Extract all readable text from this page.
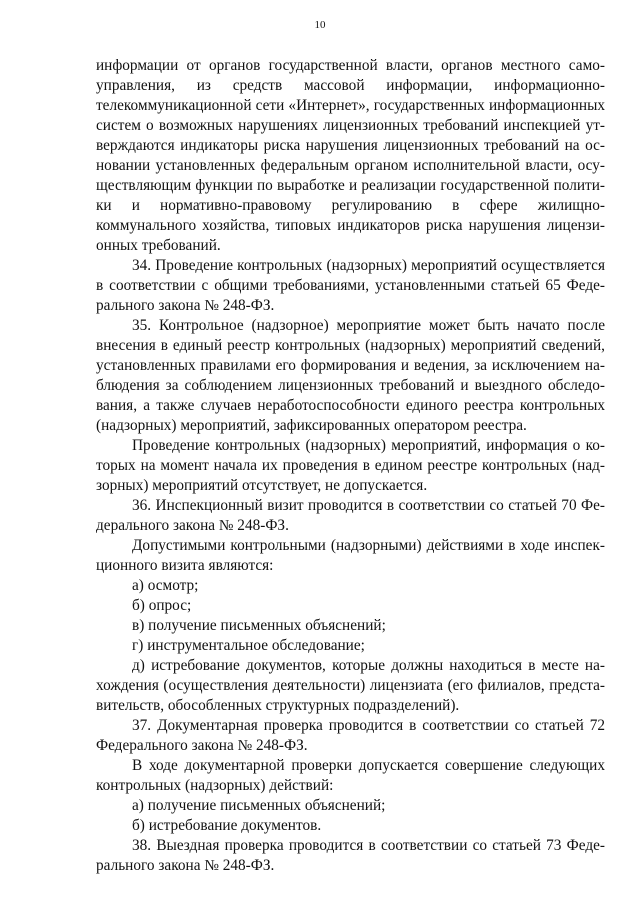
10
информации от органов государственной власти, органов местного само-
управления, из средств массовой информации, информационно-
телекоммуникационной сети «Интернет», государственных информационных
систем о возможных нарушениях лицензионных требований инспекцией ут-
верждаются индикаторы риска нарушения лицензионных требований на ос-
новании установленных федеральным органом исполнительной власти, осу-
ществляющим функции по выработке и реализации государственной полити-
ки и нормативно-правовому регулированию в сфере жилищно-
коммунального хозяйства, типовых индикаторов риска нарушения лицензи-
онных требований.
34. Проведение контрольных (надзорных) мероприятий осуществляется
в соответствии с общими требованиями, установленными статьей 65 Феде-
рального закона № 248-ФЗ.
35. Контрольное (надзорное) мероприятие может быть начато после
внесения в единый реестр контрольных (надзорных) мероприятий сведений,
установленных правилами его формирования и ведения, за исключением на-
блюдения за соблюдением лицензионных требований и выездного обследо-
вания, а также случаев неработоспособности единого реестра контрольных
(надзорных) мероприятий, зафиксированных оператором реестра.
Проведение контрольных (надзорных) мероприятий, информация о ко-
торых на момент начала их проведения в едином реестре контрольных (над-
зорных) мероприятий отсутствует, не допускается.
36. Инспекционный визит проводится в соответствии со статьей 70 Фе-
дерального закона № 248-ФЗ.
Допустимыми контрольными (надзорными) действиями в ходе инспек-
ционного визита являются:
а) осмотр;
б) опрос;
в) получение письменных объяснений;
г) инструментальное обследование;
д) истребование документов, которые должны находиться в месте на-
хождения (осуществления деятельности) лицензиата (его филиалов, предста-
вительств, обособленных структурных подразделений).
37. Документарная проверка проводится в соответствии со статьей 72
Федерального закона № 248-ФЗ.
В ходе документарной проверки допускается совершение следующих
контрольных (надзорных) действий:
а) получение письменных объяснений;
б) истребование документов.
38. Выездная проверка проводится в соответствии со статьей 73 Феде-
рального закона № 248-ФЗ.
